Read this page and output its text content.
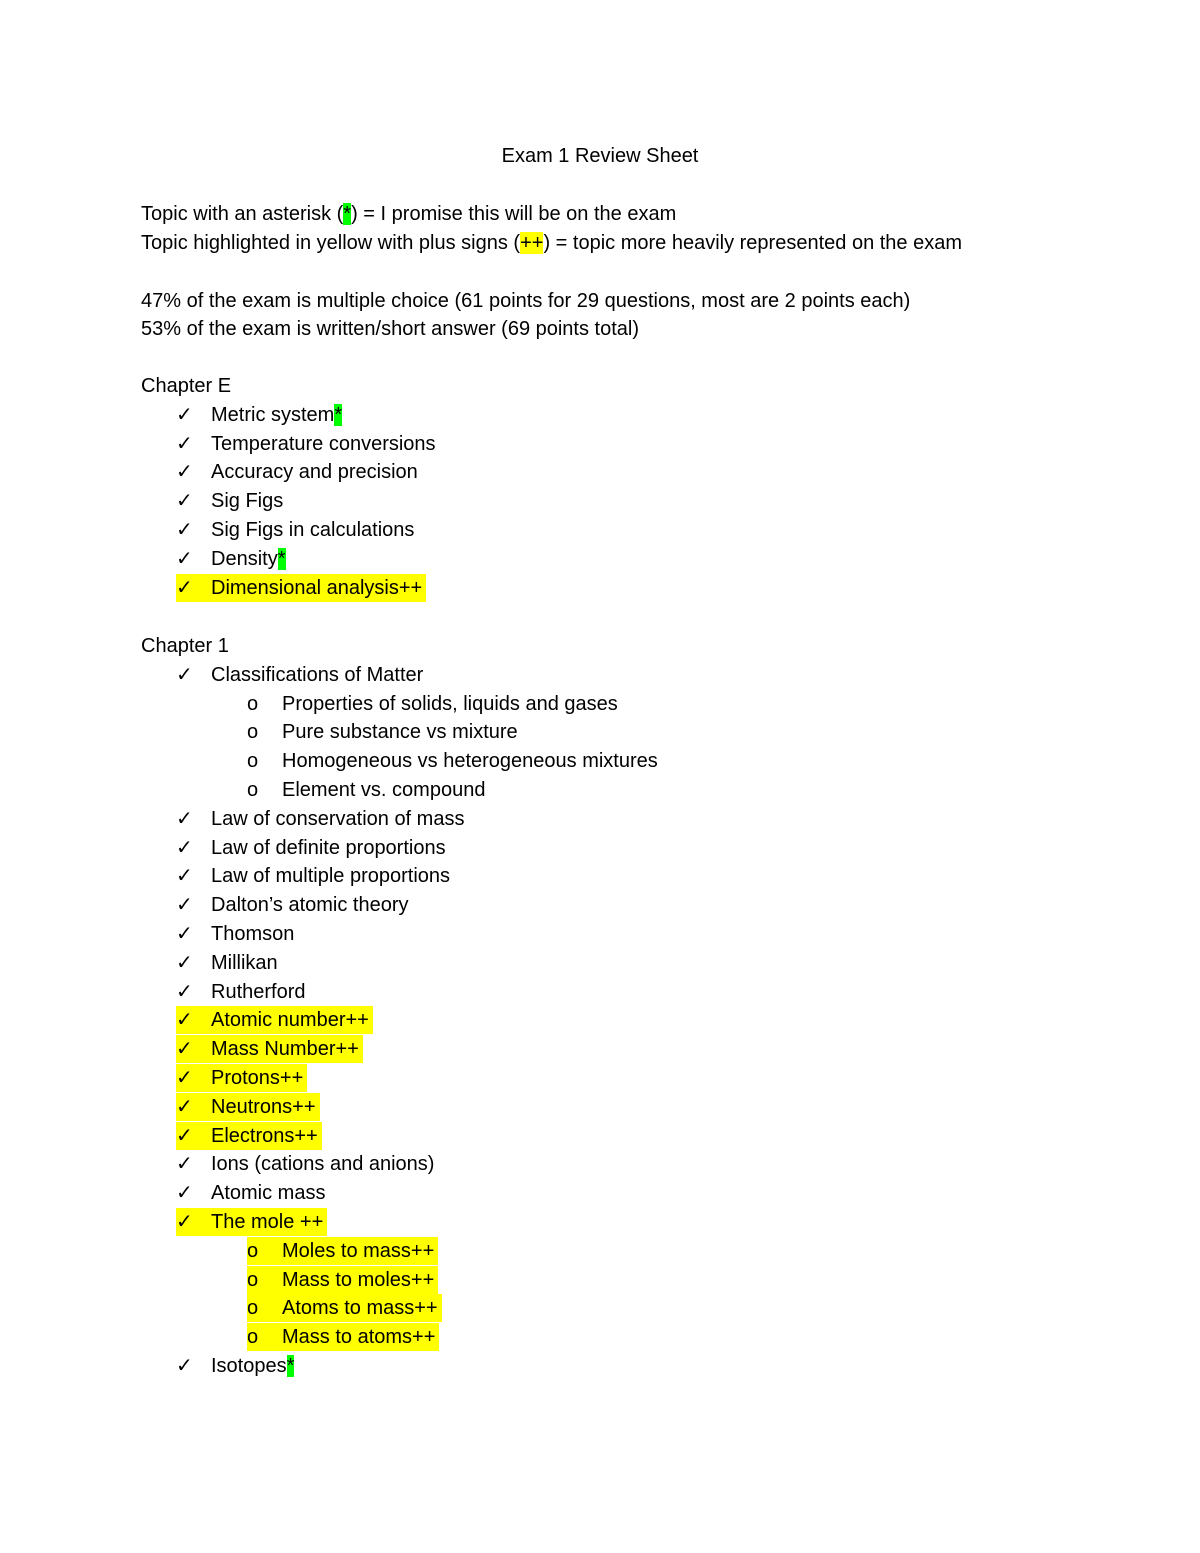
Exam 1 Review Sheet
Topic with an asterisk (*) = I promise this will be on the exam
Topic highlighted in yellow with plus signs (++) = topic more heavily represented on the exam
47% of the exam is multiple choice (61 points for 29 questions, most are 2 points each)
53% of the exam is written/short answer (69 points total)
Chapter E
✓ Metric system*
✓ Temperature conversions
✓ Accuracy and precision
✓ Sig Figs
✓ Sig Figs in calculations
✓ Density*
✓ Dimensional analysis++
Chapter 1
✓ Classifications of Matter
o Properties of solids, liquids and gases
o Pure substance vs mixture
o Homogeneous vs heterogeneous mixtures
o Element vs. compound
✓ Law of conservation of mass
✓ Law of definite proportions
✓ Law of multiple proportions
✓ Dalton’s atomic theory
✓ Thomson
✓ Millikan
✓ Rutherford
✓ Atomic number++
✓ Mass Number++
✓ Protons++
✓ Neutrons++
✓ Electrons++
✓ Ions (cations and anions)
✓ Atomic mass
✓ The mole ++
o Moles to mass++
o Mass to moles++
o Atoms to mass++
o Mass to atoms++
✓ Isotopes*
